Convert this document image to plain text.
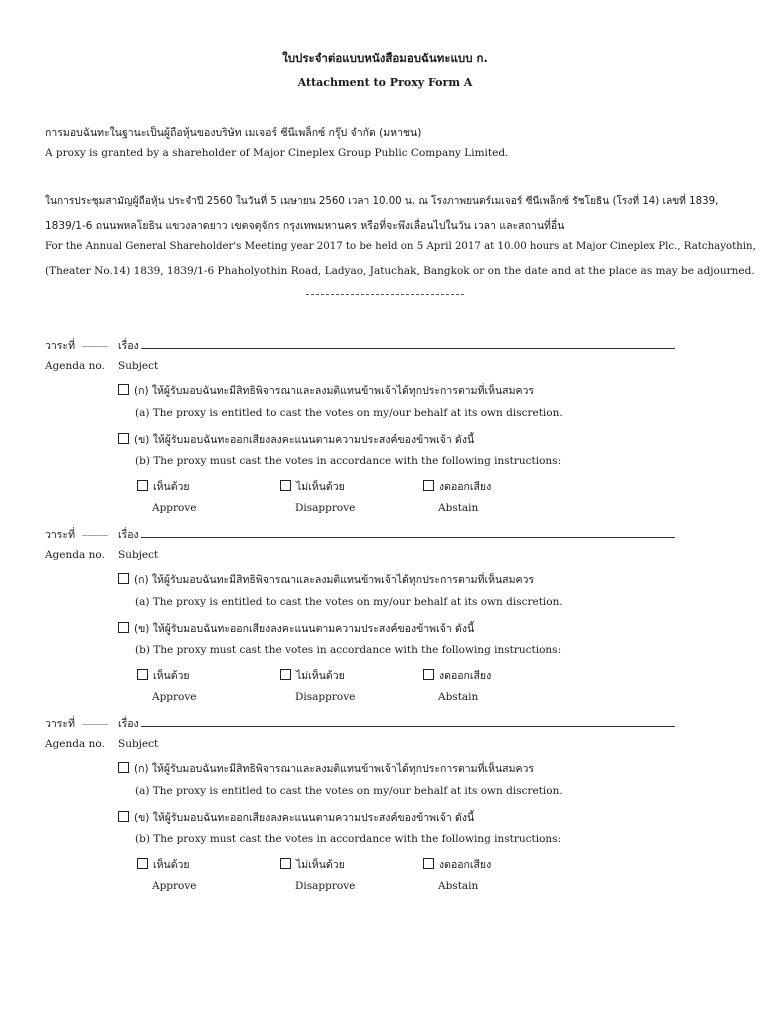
ใบประจำต่อแบบหนังสือมอบฉันทะแบบ ก.
Attachment to Proxy Form A
การมอบฉันทะในฐานะเป็นผู้ถือหุ้นของบริษัท เมเจอร์ ซีนีเพล็กซ์ กรุ๊ป จำกัด (มหาชน)
A proxy is granted by a shareholder of Major Cineplex Group Public Company Limited.
ในการประชุมสามัญผู้ถือหุ้น ประจำปี 2560 ในวันที่ 5 เมษายน 2560 เวลา 10.00 น. ณ โรงภาพยนตร์เมเจอร์ ซีนีเพล็กซ์ รัชโยธิน (โรงที่ 14) เลขที่ 1839,
1839/1-6 ถนนพหลโยธิน แขวงลาดยาว เขตจตุจักร กรุงเทพมหานคร หรือที่จะพึงเลื่อนไปในวัน เวลา และสถานที่อื่น
For the Annual General Shareholder's Meeting year 2017 to be held on 5 April 2017 at 10.00 hours at Major Cineplex Plc., Ratchayothin,
(Theater No.14) 1839, 1839/1-6 Phaholyothin Road, Ladyao, Jatuchak, Bangkok or on the date and at the place as may be adjourned.
วาระที่ _____ เรื่อง
Agenda no. Subject
(ก) ให้ผู้รับมอบฉันทะมีสิทธิพิจารณาและลงมติแทนข้าพเจ้าได้ทุกประการตามที่เห็นสมควร
(a) The proxy is entitled to cast the votes on my/our behalf at its own discretion.
(ข) ให้ผู้รับมอบฉันทะออกเสียงลงคะแนนตามความประสงค์ของข้าพเจ้า ดังนี้
(b) The proxy must cast the votes in accordance with the following instructions:
เห็นด้วย	ไม่เห็นด้วย	งดออกเสียง
Approve	Disapprove	Abstain
วาระที่ _____ เรื่อง
Agenda no. Subject
(ก) ให้ผู้รับมอบฉันทะมีสิทธิพิจารณาและลงมติแทนข้าพเจ้าได้ทุกประการตามที่เห็นสมควร
(a) The proxy is entitled to cast the votes on my/our behalf at its own discretion.
(ข) ให้ผู้รับมอบฉันทะออกเสียงลงคะแนนตามความประสงค์ของข้าพเจ้า ดังนี้
(b) The proxy must cast the votes in accordance with the following instructions:
เห็นด้วย	ไม่เห็นด้วย	งดออกเสียง
Approve	Disapprove	Abstain
วาระที่ _____ เรื่อง
Agenda no. Subject
(ก) ให้ผู้รับมอบฉันทะมีสิทธิพิจารณาและลงมติแทนข้าพเจ้าได้ทุกประการตามที่เห็นสมควร
(a) The proxy is entitled to cast the votes on my/our behalf at its own discretion.
(ข) ให้ผู้รับมอบฉันทะออกเสียงลงคะแนนตามความประสงค์ของข้าพเจ้า ดังนี้
(b) The proxy must cast the votes in accordance with the following instructions:
เห็นด้วย	ไม่เห็นด้วย	งดออกเสียง
Approve	Disapprove	Abstain
